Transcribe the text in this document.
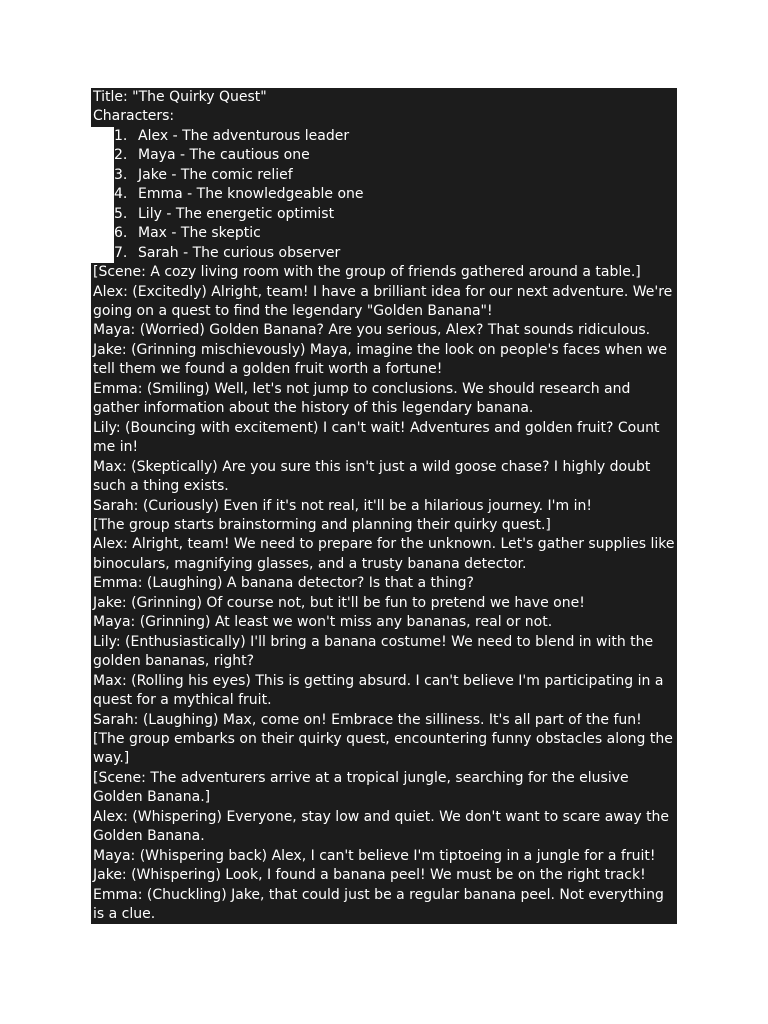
Title: "The Quirky Quest"
Characters:
1. Alex - The adventurous leader
2. Maya - The cautious one
3. Jake - The comic relief
4. Emma - The knowledgeable one
5. Lily - The energetic optimist
6. Max - The skeptic
7. Sarah - The curious observer
[Scene: A cozy living room with the group of friends gathered around a table.]
Alex: (Excitedly) Alright, team! I have a brilliant idea for our next adventure. We're going on a quest to find the legendary "Golden Banana"!
Maya: (Worried) Golden Banana? Are you serious, Alex? That sounds ridiculous.
Jake: (Grinning mischievously) Maya, imagine the look on people's faces when we tell them we found a golden fruit worth a fortune!
Emma: (Smiling) Well, let's not jump to conclusions. We should research and gather information about the history of this legendary banana.
Lily: (Bouncing with excitement) I can't wait! Adventures and golden fruit? Count me in!
Max: (Skeptically) Are you sure this isn't just a wild goose chase? I highly doubt such a thing exists.
Sarah: (Curiously) Even if it's not real, it'll be a hilarious journey. I'm in!
[The group starts brainstorming and planning their quirky quest.]
Alex: Alright, team! We need to prepare for the unknown. Let's gather supplies like binoculars, magnifying glasses, and a trusty banana detector.
Emma: (Laughing) A banana detector? Is that a thing?
Jake: (Grinning) Of course not, but it'll be fun to pretend we have one!
Maya: (Grinning) At least we won't miss any bananas, real or not.
Lily: (Enthusiastically) I'll bring a banana costume! We need to blend in with the golden bananas, right?
Max: (Rolling his eyes) This is getting absurd. I can't believe I'm participating in a quest for a mythical fruit.
Sarah: (Laughing) Max, come on! Embrace the silliness. It's all part of the fun!
[The group embarks on their quirky quest, encountering funny obstacles along the way.]
[Scene: The adventurers arrive at a tropical jungle, searching for the elusive Golden Banana.]
Alex: (Whispering) Everyone, stay low and quiet. We don't want to scare away the Golden Banana.
Maya: (Whispering back) Alex, I can't believe I'm tiptoeing in a jungle for a fruit!
Jake: (Whispering) Look, I found a banana peel! We must be on the right track!
Emma: (Chuckling) Jake, that could just be a regular banana peel. Not everything is a clue.
